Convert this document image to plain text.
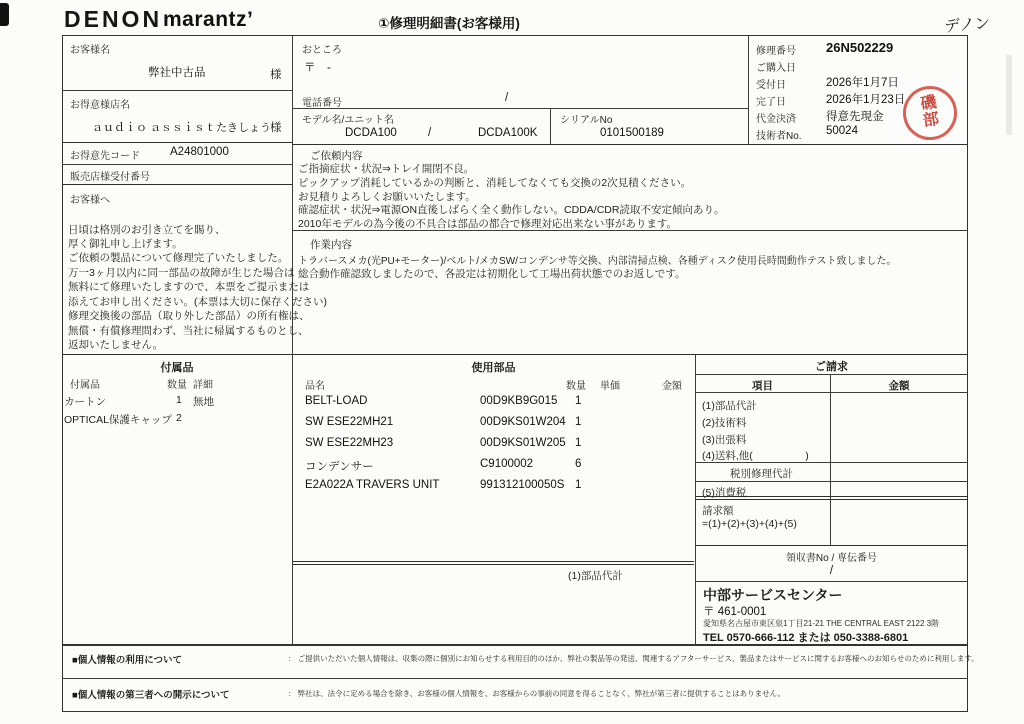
DENON marantz’	①修理明細書(お客様用)	デノン
お客様名
弊社中古品	様
お得意様店名
ａｕｄｉｏ ａｓｓｉｓｔたきしょう
様
お得意先コード	A24801000
販売店様受付番号
お客様へ
日頃は格別のお引き立てを賜り、
厚く御礼申し上げます。
ご依頼の製品について修理完了いたしました。
万一3ヶ月以内に同一部品の故障が生じた場合は
無料にて修理いたしますので、本票をご提示または
添えてお申し出ください。(本票は大切に保存ください)
修理交換後の部品（取り外した部品）の所有権は、
無償・有償修理問わず、当社に帰属するものとし、
返却いたしません。
付属品
付属品	数量 詳細
カートン	1 無地
OPTICAL保護キャップ 2
おところ
〒　-
電話番号	/
モデル名/ユニット名
DCDA100	/	DCDA100K
シリアルNo
0101500189
修理番号 26N502229
ご購入日
受付日	2026年1月7日
完了日	2026年1月23日
代金決済	得意先現金
技術者No. 50024
磯
部
ご依頼内容
ご指摘症状・状況⇒トレイ開閉不良。
ピックアップ消耗しているかの判断と、消耗してなくても交換の2次見積ください。
お見積りよろしくお願いいたします。
確認症状・状況⇒電源ON直後しばらく全く動作しない。CDDA/CDR読取不安定傾向あり。
2010年モデルの為今後の不具合は部品の都合で修理対応出来ない事があります。
作業内容
トラバースメカ(光PU+モーター)/ベルト/メカSW/コンデンサ等交換、内部清掃点検、各種ディスク使用長時間動作テスト致しました。
総合動作確認致しましたので、各設定は初期化して工場出荷状態でのお返しです。
使用部品
品名	数量 単価	金額
BELT-LOAD	00D9KB9G015 1
SW ESE22MH21	00D9KS01W204 1
SW ESE22MH23	00D9KS01W205 1
コンデンサー	C9100002	6
E2A022A TRAVERS UNIT	991312100050S 1
(1)部品代計
ご請求
項目	金額
(1)部品代計
(2)技術料
(3)出張料
(4)送料,他(　　　　　)
税別修理代計
(5)消費税
請求額
=(1)+(2)+(3)+(4)+(5)
領収書No / 専伝番号
/
中部サービスセンター
〒 461-0001
愛知県名古屋市東区泉1丁目21-21 THE CENTRAL EAST 2122 3階
TEL 0570-666-112 または 050-3388-6801
■個人情報の利用について	： ご提供いただいた個人情報は、収集の際に個別にお知らせする利用目的のほか、弊社の製品等の発送、関連するアフターサービス、製品またはサービスに関するお客様へのお知らせのために利用します。
■個人情報の第三者への開示について	： 弊社は、法令に定める場合を除き、お客様の個人情報を、お客様からの事前の同意を得ることなく、弊社が第三者に提供することはありません。
